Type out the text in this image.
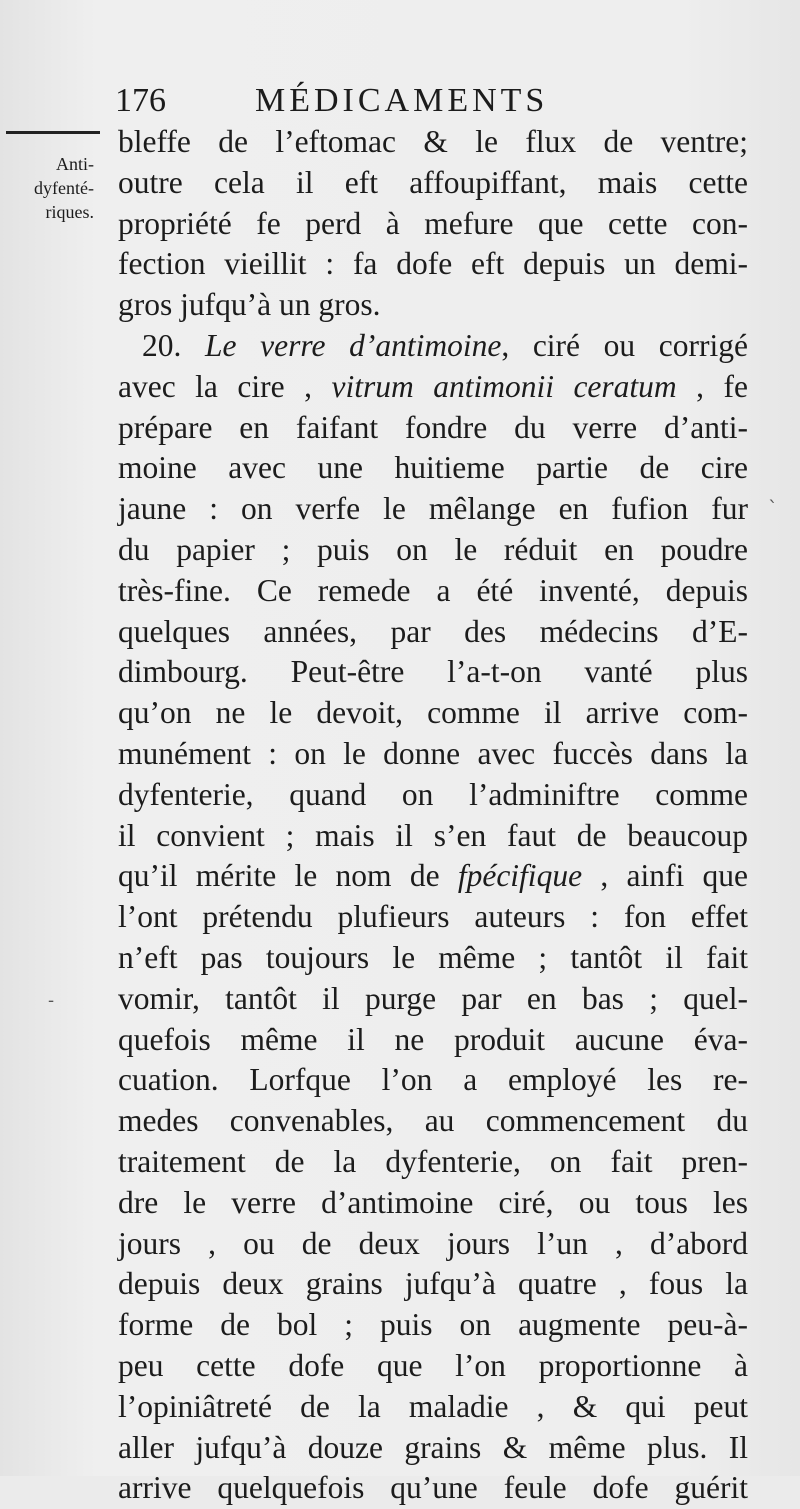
176	MÉDICAMENTS
Anti-
dyfenté-
riques.
bleffe de l’eftomac & le flux de ventre;
outre cela il eft affoupiffant, mais cette
propriété fe perd à mefure que cette con-
fection vieillit : fa dofe eft depuis un demi-
gros jufqu’à un gros.
20. Le verre d’antimoine, ciré ou corrigé
avec la cire , vitrum antimonii ceratum , fe
prépare en faifant fondre du verre d’anti-
moine avec une huitieme partie de cire
jaune : on verfe le mêlange en fufion fur
du papier ; puis on le réduit en poudre
très-fine. Ce remede a été inventé, depuis
quelques années, par des médecins d’E-
dimbourg. Peut-être l’a-t-on vanté plus
qu’on ne le devoit, comme il arrive com-
munément : on le donne avec fuccès dans la
dyfenterie, quand on l’adminiftre comme
il convient ; mais il s’en faut de beaucoup
qu’il mérite le nom de fpécifique , ainfi que
l’ont prétendu plufieurs auteurs : fon effet
n’eft pas toujours le même ; tantôt il fait
vomir, tantôt il purge par en bas ; quel-
quefois même il ne produit aucune éva-
cuation. Lorfque l’on a employé les re-
medes convenables, au commencement du
traitement de la dyfenterie, on fait pren-
dre le verre d’antimoine ciré, ou tous les
jours , ou de deux jours l’un , d’abord
depuis deux grains jufqu’à quatre , fous la
forme de bol ; puis on augmente peu-à-
peu cette dofe que l’on proportionne à
l’opiniâtreté de la maladie , & qui peut
aller jufqu’à douze grains & même plus. Il
arrive quelquefois qu’une feule dofe guérit
`
-
